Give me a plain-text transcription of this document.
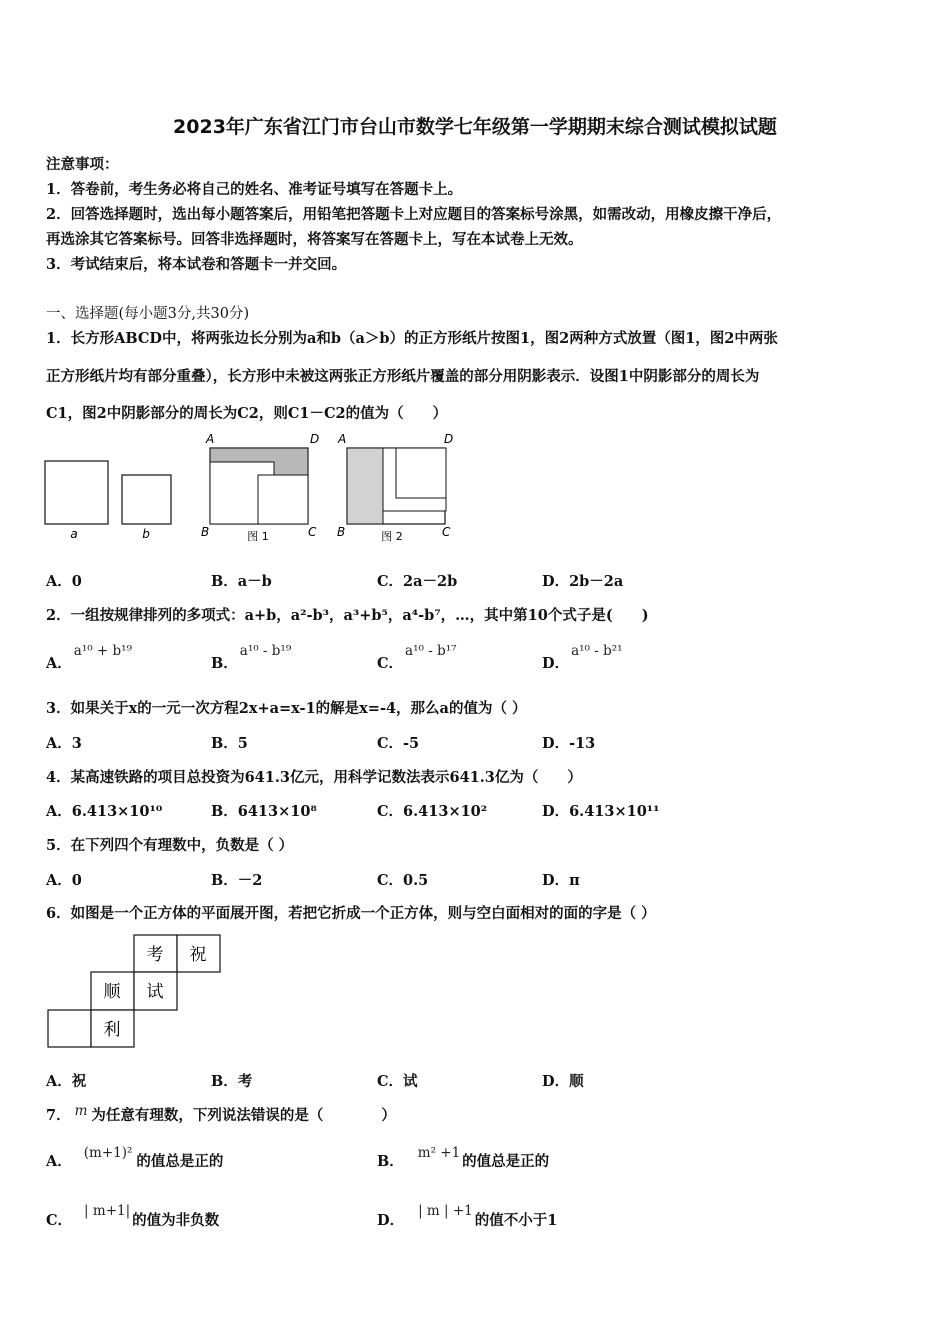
2023年广东省江门市台山市数学七年级第一学期期末综合测试模拟试题
注意事项：
1．答卷前，考生务必将自己的姓名、准考证号填写在答题卡上。
2．回答选择题时，选出每小题答案后，用铅笔把答题卡上对应题目的答案标号涂黑，如需改动，用橡皮擦干净后，
再选涂其它答案标号。回答非选择题时，将答案写在答题卡上，写在本试卷上无效。
3．考试结束后，将本试卷和答题卡一并交回。
一、选择题(每小题3分,共30分)
1．长方形ABCD中，将两张边长分别为a和b（a＞b）的正方形纸片按图1，图2两种方式放置（图1，图2中两张
正方形纸片均有部分重叠），长方形中未被这两张正方形纸片覆盖的部分用阴影表示．设图1中阴影部分的周长为
C1，图2中阴影部分的周长为C2，则C1－C2的值为（　　）
a	b
A	D
B	C
图 1
A	D
B	C
图 2
A．0	B．a－b	C．2a－2b	D．2b－2a
2．一组按规律排列的多项式：a+b，a²-b³，a³+b⁵，a⁴-b⁷，…，其中第10个式子是(　　)
A．a¹⁰ + b¹⁹
B．a¹⁰ - b¹⁹
C．a¹⁰ - b¹⁷
D．a¹⁰ - b²¹
3．如果关于x的一元一次方程2x+a=x-1的解是x=-4，那么a的值为（ ）
A．3	B．5	C．-5	D．-13
4．某高速铁路的项目总投资为641.3亿元，用科学记数法表示641.3亿为（　　）
A．6.413×10¹⁰	B．6413×10⁸	C．6.413×10²	D．6.413×10¹¹
5．在下列四个有理数中，负数是（ ）
A．0	B．－2	C．0.5	D．π
6．如图是一个正方体的平面展开图，若把它折成一个正方体，则与空白面相对的面的字是（ ）
考 祝
顺 试
利
A．祝	B．考	C．试	D．顺
7． m 为任意有理数，下列说法错误的是（　　　　）
A． (m+1)² 的值总是正的	B． m² +1 的值总是正的
C．| m+1|的值为非负数	D．| m | +1的值不小于1
